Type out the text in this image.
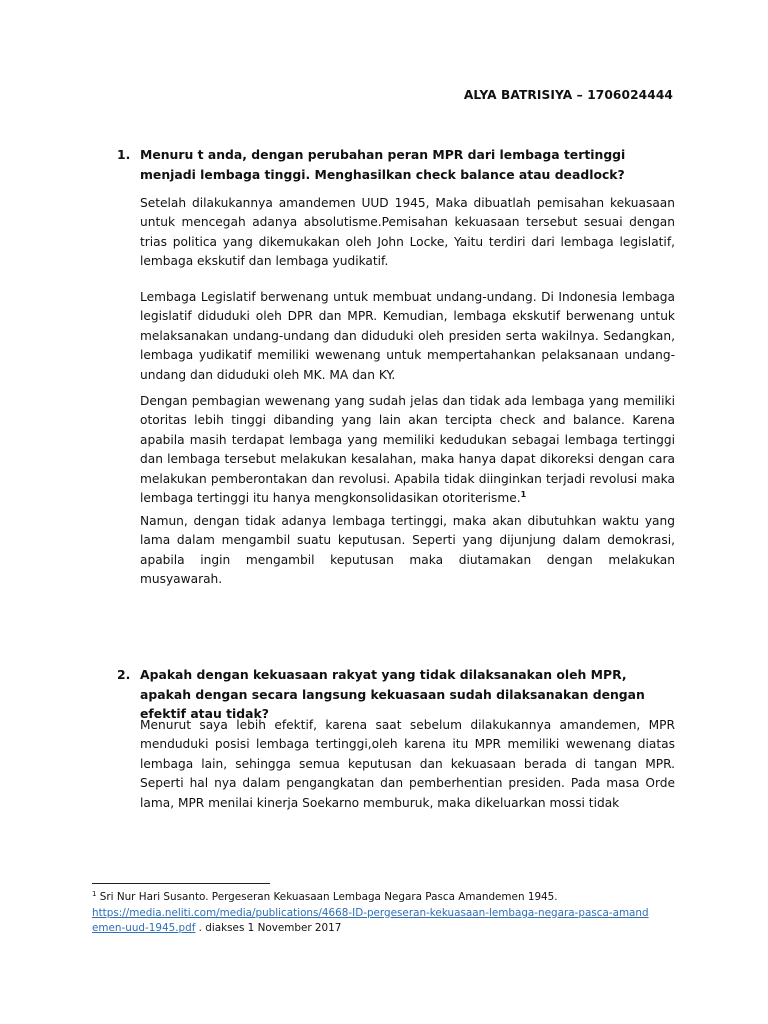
ALYA BATRISIYA – 1706024444
1. Menuru t anda, dengan perubahan peran MPR dari lembaga tertinggi menjadi lembaga tinggi. Menghasilkan check balance atau deadlock?

Setelah dilakukannya amandemen UUD 1945, Maka dibuatlah pemisahan kekuasaan untuk mencegah adanya absolutisme.Pemisahan kekuasaan tersebut sesuai dengan trias politica yang dikemukakan oleh John Locke, Yaitu terdiri dari lembaga legislatif, lembaga ekskutif dan lembaga yudikatif.

Lembaga Legislatif berwenang untuk membuat undang-undang. Di Indonesia lembaga legislatif diduduki oleh DPR dan MPR. Kemudian, lembaga ekskutif berwenang untuk melaksanakan undang-undang dan diduduki oleh presiden serta wakilnya. Sedangkan, lembaga yudikatif memiliki wewenang untuk mempertahankan pelaksanaan undang-undang dan diduduki oleh MK. MA dan KY.

Dengan pembagian wewenang yang sudah jelas dan tidak ada lembaga yang memiliki otoritas lebih tinggi dibanding yang lain akan tercipta check and balance. Karena apabila masih terdapat lembaga yang memiliki kedudukan sebagai lembaga tertinggi dan lembaga tersebut melakukan kesalahan, maka hanya dapat dikoreksi dengan cara melakukan pemberontakan dan revolusi. Apabila tidak diinginkan terjadi revolusi maka lembaga tertinggi itu hanya mengkonsolidasikan otoriterisme.$^1$

Namun, dengan tidak adanya lembaga tertinggi, maka akan dibutuhkan waktu yang lama dalam mengambil suatu keputusan. Seperti yang dijunjung dalam demokrasi, apabila ingin mengambil keputusan maka diutamakan dengan melakukan musyawarah.

2. Apakah dengan kekuasaan rakyat yang tidak dilaksanakan oleh MPR, apakah dengan secara langsung kekuasaan sudah dilaksanakan dengan efektif atau tidak?

Menurut saya lebih efektif, karena saat sebelum dilakukannya amandemen, MPR menduduki posisi lembaga tertinggi,oleh karena itu MPR memiliki wewenang diatas lembaga lain, sehingga semua keputusan dan kekuasaan berada di tangan MPR. Seperti hal nya dalam pengangkatan dan pemberhentian presiden. Pada masa Orde lama, MPR menilai kinerja Soekarno memburuk, maka dikeluarkan mossi tidak

$^1$ Sri Nur Hari Susanto. Pergeseran Kekuasaan Lembaga Negara Pasca Amandemen 1945.
https://media.neliti.com/media/publications/4668-ID-pergeseran-kekuasaan-lembaga-negara-pasca-amandemen-uud-1945.pdf . diakses 1 November 2017
